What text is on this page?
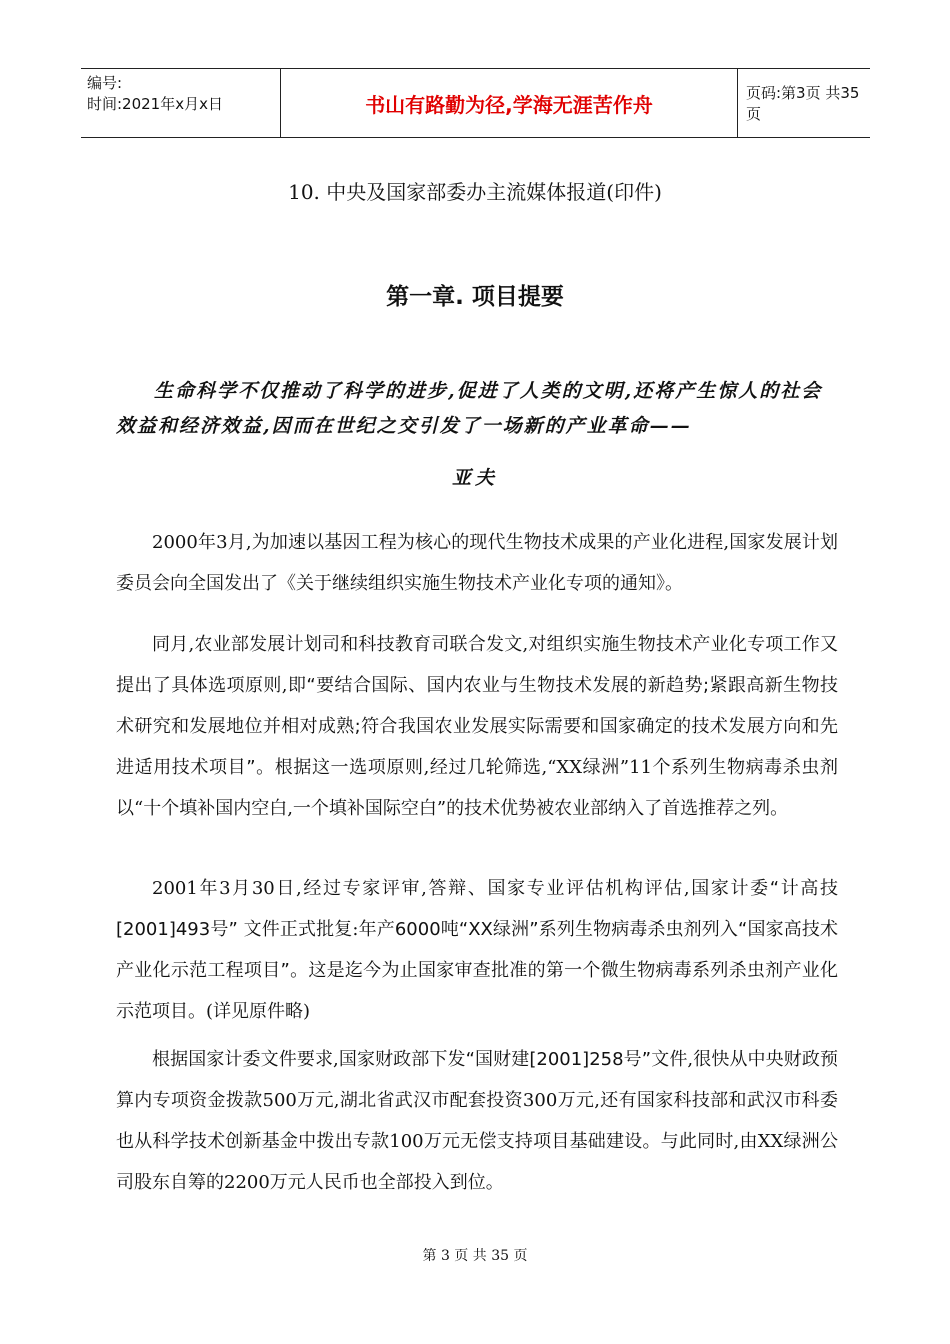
编号:
时间:2021年x月x日	书山有路勤为径,学海无涯苦作舟	页码:第3页 共35页
10. 中央及国家部委办主流媒体报道(印件)
第一章. 项目提要
生命科学不仅推动了科学的进步,促进了人类的文明,还将产生惊人的社会效益和经济效益,因而在世纪之交引发了一场新的产业革命——
亚夫
2000年3月,为加速以基因工程为核心的现代生物技术成果的产业化进程,国家发展计划委员会向全国发出了《关于继续组织实施生物技术产业化专项的通知》。
同月,农业部发展计划司和科技教育司联合发文,对组织实施生物技术产业化专项工作又提出了具体选项原则,即“要结合国际、国内农业与生物技术发展的新趋势;紧跟高新生物技术研究和发展地位并相对成熟;符合我国农业发展实际需要和国家确定的技术发展方向和先进适用技术项目”。根据这一选项原则,经过几轮筛选,“XX绿洲”11个系列生物病毒杀虫剂以“十个填补国内空白,一个填补国际空白”的技术优势被农业部纳入了首选推荐之列。
2001年3月30日,经过专家评审,答辩、国家专业评估机构评估,国家计委“计高技[2001]493号” 文件正式批复:年产6000吨“XX绿洲”系列生物病毒杀虫剂列入“国家高技术产业化示范工程项目”。这是迄今为止国家审查批准的第一个微生物病毒系列杀虫剂产业化示范项目。(详见原件略)
根据国家计委文件要求,国家财政部下发“国财建[2001]258号”文件,很快从中央财政预算内专项资金拨款500万元,湖北省武汉市配套投资300万元,还有国家科技部和武汉市科委也从科学技术创新基金中拨出专款100万元无偿支持项目基础建设。与此同时,由XX绿洲公司股东自筹的2200万元人民币也全部投入到位。
第 3 页 共 35 页
